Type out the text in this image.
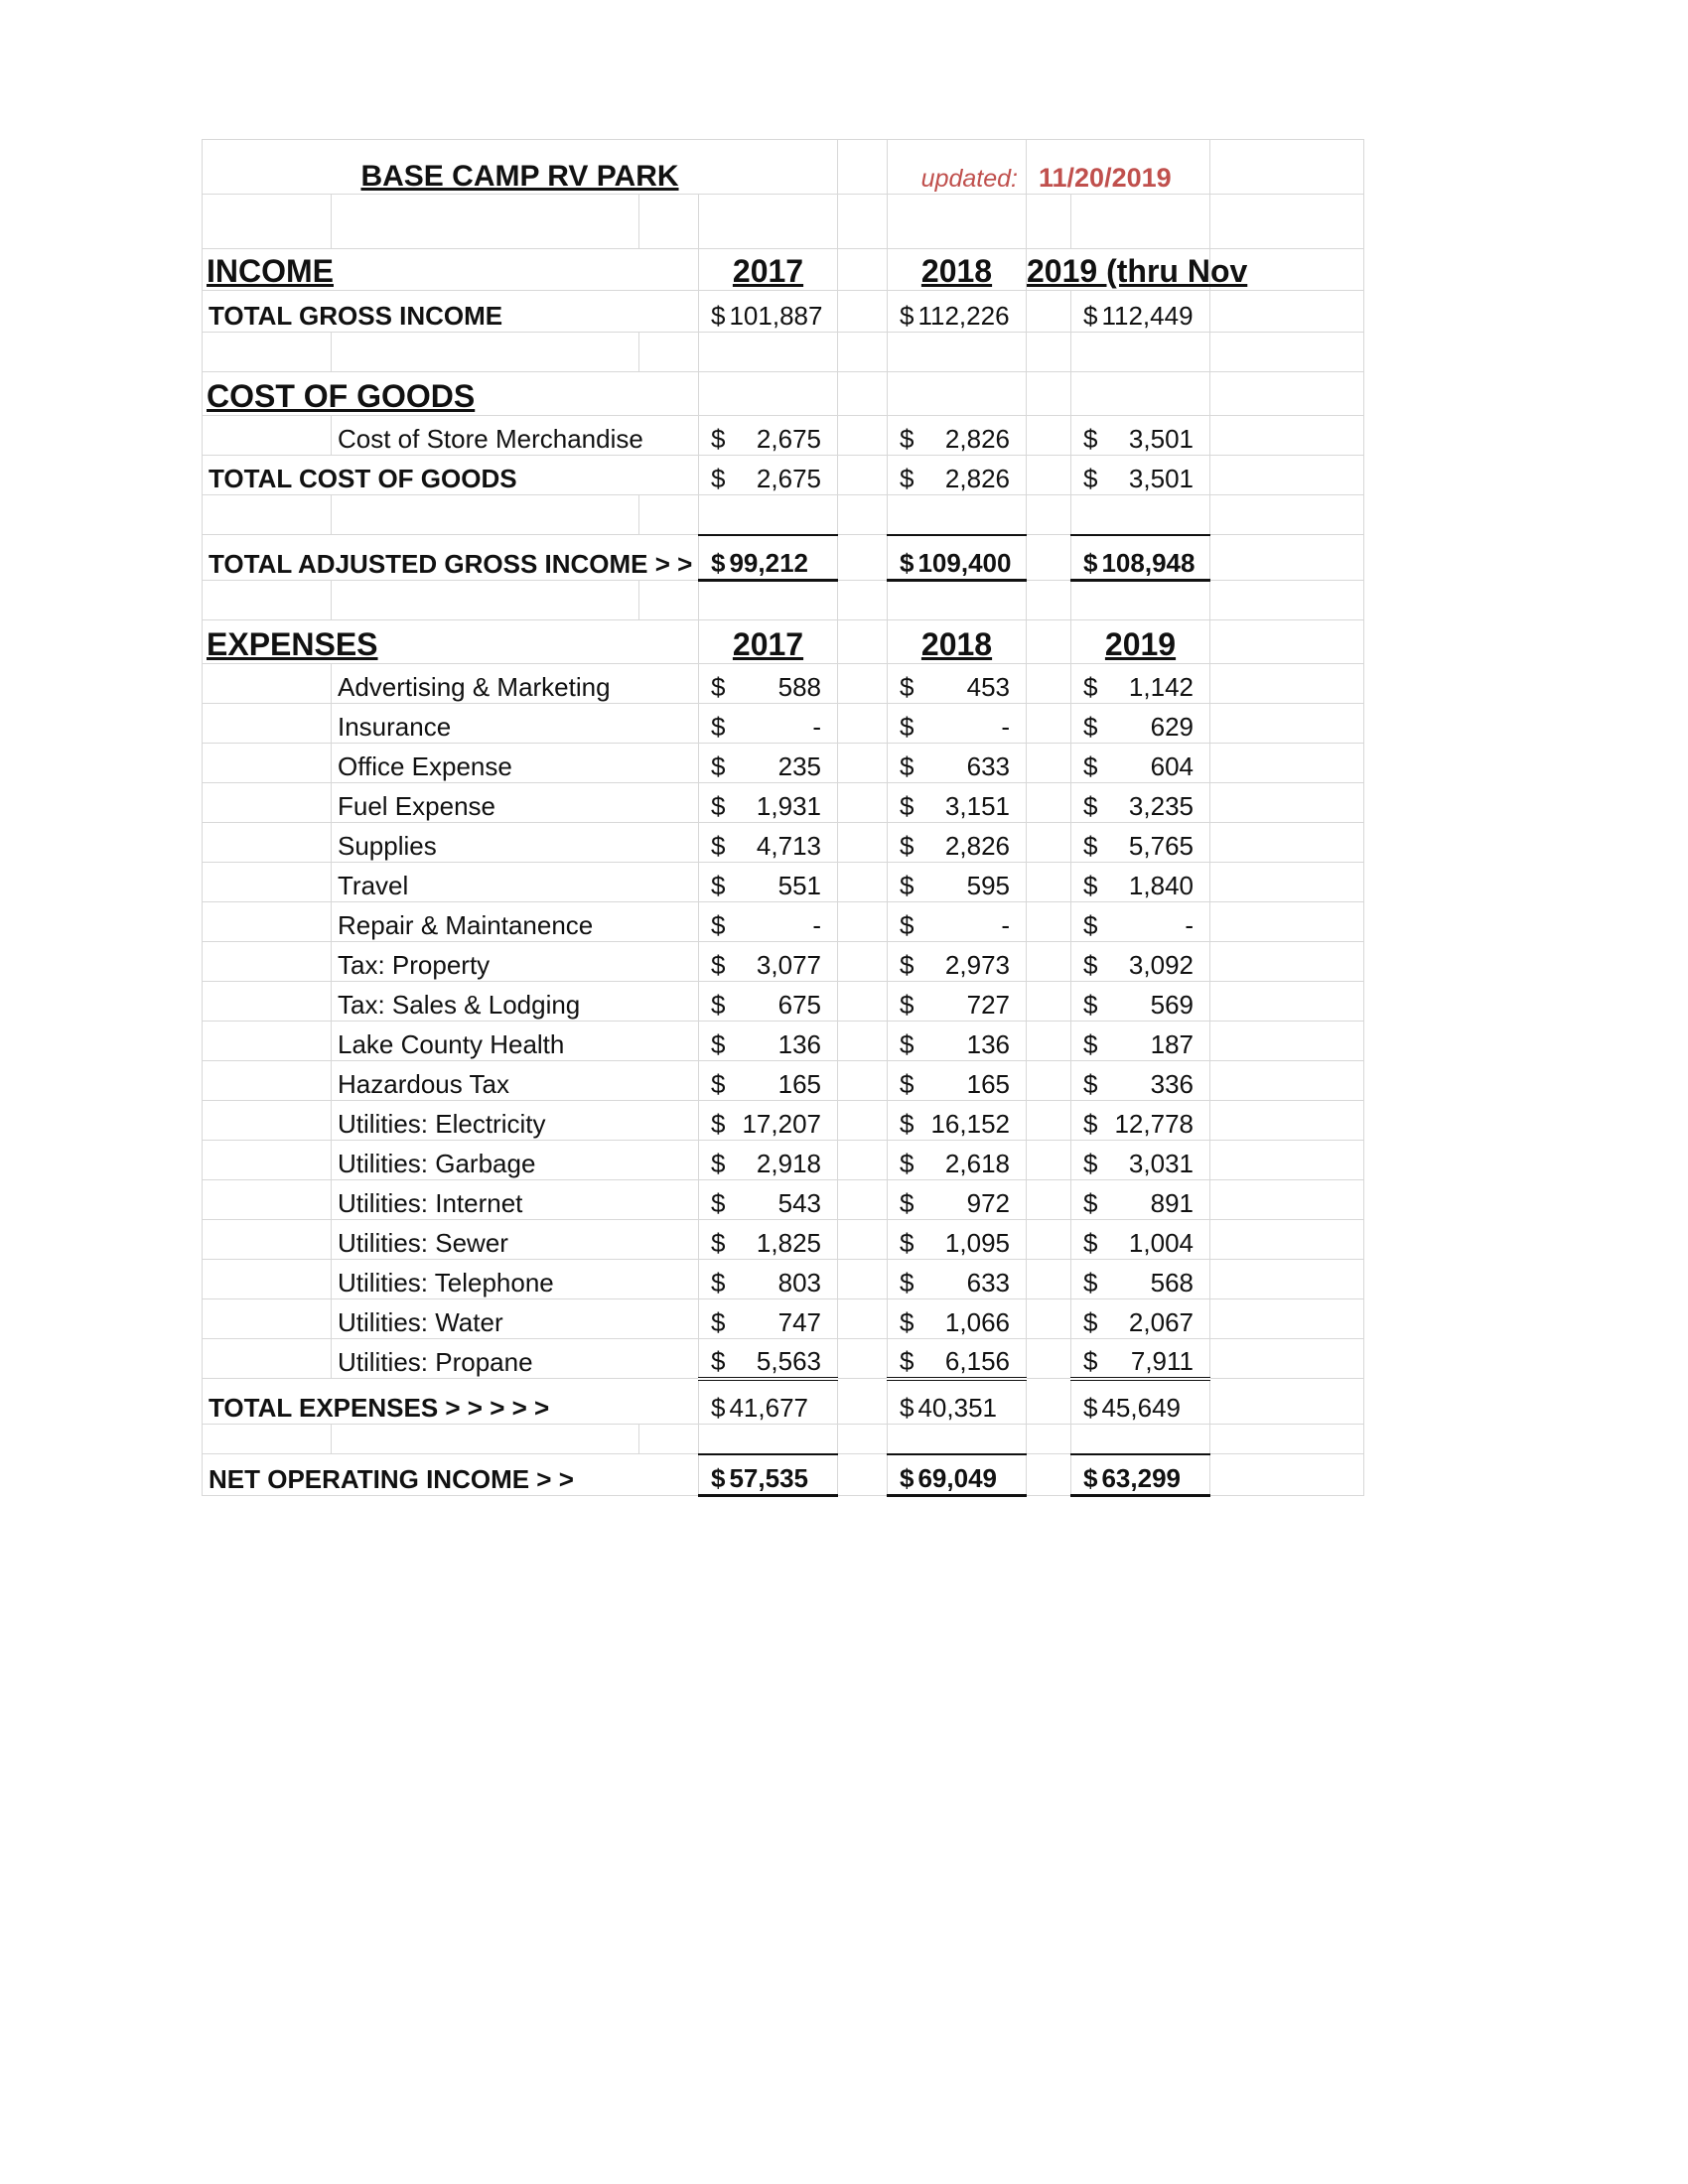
BASE CAMP RV PARK					updated:	11/20/2019		

INCOME			2017		2018	2019 (thru Nov		
TOTAL GROSS INCOME			$ 101,887		$ 112,226		$ 112,449	

COST OF GOODS								
	Cost of Store Merchandise		$ 2,675		$ 2,826		$ 3,501	

TOTAL COST OF GOODS			$ 2,675		$ 2,826		$ 3,501	

TOTAL ADJUSTED GROSS INCOME > >			$ 99,212		$ 109,400		$ 108,948	

EXPENSES			2017		2018		2019	
	Advertising & Marketing		$ 588		$ 453		$ 1,142	

	Insurance		$ -		$ -		$ 629	

	Office Expense		$ 235		$ 633		$ 604	

	Fuel Expense		$ 1,931		$ 3,151		$ 3,235	

	Supplies		$ 4,713		$ 2,826		$ 5,765	

	Travel		$ 551		$ 595		$ 1,840	

	Repair & Maintanence		$ -		$ -		$ -	

	Tax: Property		$ 3,077		$ 2,973		$ 3,092	

	Tax: Sales & Lodging		$ 675		$ 727		$ 569	

	Lake County Health		$ 136		$ 136		$ 187	

	Hazardous Tax		$ 165		$ 165		$ 336	

	Utilities: Electricity		$ 17,207		$ 16,152		$ 12,778	

	Utilities: Garbage		$ 2,918		$ 2,618		$ 3,031	

	Utilities: Internet		$ 543		$ 972		$ 891	

	Utilities: Sewer		$ 1,825		$ 1,095		$ 1,004	

	Utilities: Telephone		$ 803		$ 633		$ 568	

	Utilities: Water		$ 747		$ 1,066		$ 2,067	

	Utilities: Propane		$ 5,563		$ 6,156		$ 7,911	

TOTAL EXPENSES > > > > >			$ 41,677		$ 40,351		$ 45,649	

NET OPERATING INCOME > >			$ 57,535		$ 69,049		$ 63,299	
